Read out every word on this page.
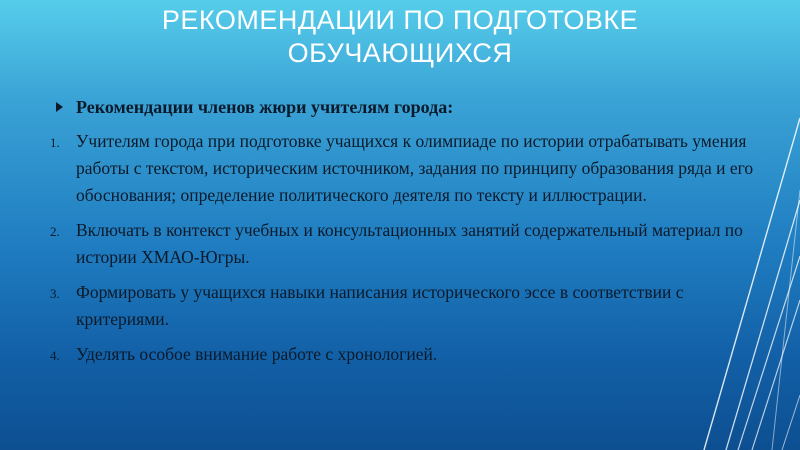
РЕКОМЕНДАЦИИ ПО ПОДГОТОВКЕ
ОБУЧАЮЩИХСЯ

Рекомендации членов жюри учителям города:

1. Учителям города при подготовке учащихся к олимпиаде по истории отрабатывать умения работы с текстом, историческим источником, задания по принципу образования ряда и его обоснования; определение политического деятеля по тексту и иллюстрации.
2. Включать в контекст учебных и консультационных занятий содержательный материал по истории ХМАО-Югры.
3. Формировать у учащихся навыки написания исторического эссе в соответствии с критериями.
4. Уделять особое внимание работе с хронологией.
